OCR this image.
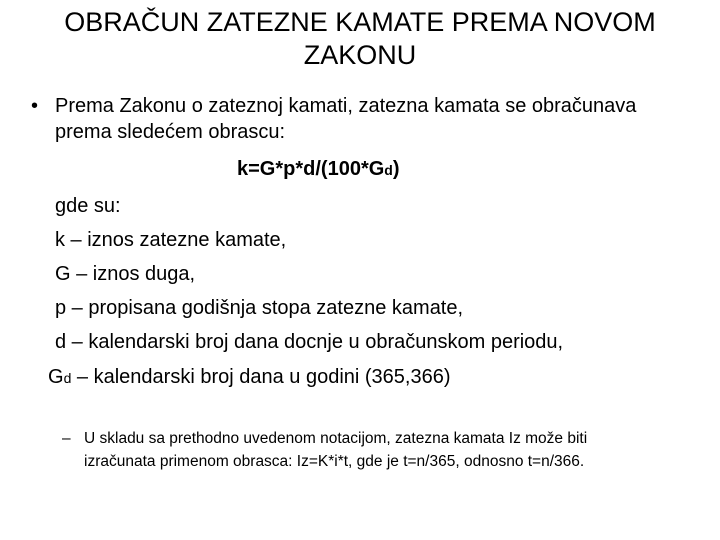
OBRAČUN ZATEZNE KAMATE PREMA NOVOM
ZAKONU
• Prema Zakonu o zateznoj kamati, zatezna kamata se obračunava
prema sledećem obrascu:
k=G*p*d/(100*Gd)
gde su:
k – iznos zatezne kamate,
G – iznos duga,
p – propisana godišnja stopa zatezne kamate,
d – kalendarski broj dana docnje u obračunskom periodu,
Gd – kalendarski broj dana u godini (365,366)
– U skladu sa prethodno uvedenom notacijom, zatezna kamata Iz može biti
izračunata primenom obrasca: Iz=K*i*t, gde je t=n/365, odnosno t=n/366.
